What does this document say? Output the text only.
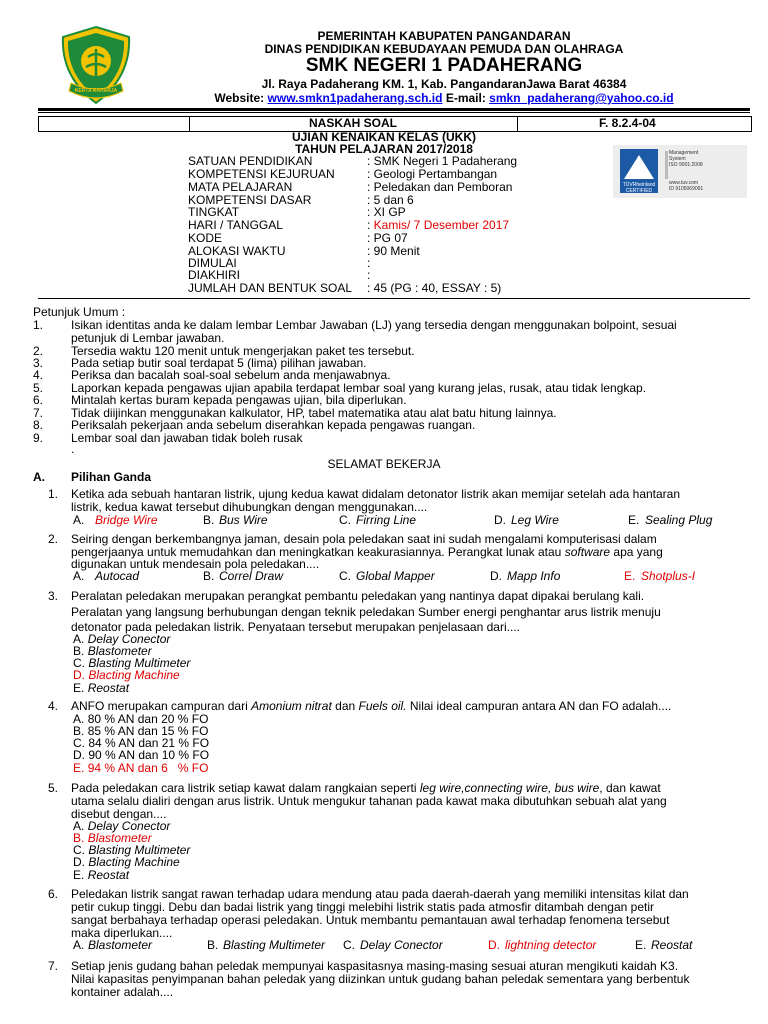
KERTA RAHARJA
PEMERINTAH KABUPATEN PANGANDARAN
DINAS PENDIDIKAN KEBUDAYAAN PEMUDA DAN OLAHRAGA
SMK NEGERI 1 PADAHERANG
Jl. Raya Padaherang KM. 1, Kab. PangandaranJawa Barat 46384
Website: www.smkn1padaherang.sch.id E-mail: smkn_padaherang@yahoo.co.id
NASKAH SOAL	F. 8.2.4-04
UJIAN KENAIKAN KELAS (UKK)
TAHUN PELAJARAN 2017/2018
SATUAN PENDIDIKAN	: SMK Negeri 1 Padaherang
KOMPETENSI KEJURUAN	: Geologi Pertambangan
MATA PELAJARAN	: Peledakan dan Pemboran
KOMPETENSI DASAR	: 5 dan 6
TINGKAT	: XI GP
HARI / TANGGAL	: Kamis/ 7 Desember 2017
KODE	: PG 07
ALOKASI WAKTU	: 90 Menit
DIMULAI	:
DIAKHIRI	:
JUMLAH DAN BENTUK SOAL : 45 (PG : 40, ESSAY : 5)
TÜVRheinland CERTIFIED
Management
System
ISO 9001:2008
www.tuv.com
ID 9105069091
Petunjuk Umum :
1. Isikan identitas anda ke dalam lembar Lembar Jawaban (LJ) yang tersedia dengan menggunakan bolpoint, sesuai
petunjuk di Lembar jawaban.
2. Tersedia waktu 120 menit untuk mengerjakan paket tes tersebut.
3. Pada setiap butir soal terdapat 5 (lima) pilihan jawaban.
4. Periksa dan bacalah soal-soal sebelum anda menjawabnya.
5. Laporkan kepada pengawas ujian apabila terdapat lembar soal yang kurang jelas, rusak, atau tidak lengkap.
6. Mintalah kertas buram kepada pengawas ujian, bila diperlukan.
7. Tidak diijinkan menggunakan kalkulator, HP, tabel matematika atau alat batu hitung lainnya.
8. Periksalah pekerjaan anda sebelum diserahkan kepada pengawas ruangan.
9. Lembar soal dan jawaban tidak boleh rusak
.
SELAMAT BEKERJA
A. Pilihan Ganda
1. Ketika ada sebuah hantaran listrik, ujung kedua kawat didalam detonator listrik akan memijar setelah ada hantaran
listrik, kedua kawat tersebut dihubungkan dengan menggunakan....
A. Bridge Wire	B. Bus Wire	C. Firring Line	D. Leg Wire	E. Sealing Plug
2. Seiring dengan berkembangnya jaman, desain pola peledakan saat ini sudah mengalami komputerisasi dalam
pengerjaanya untuk memudahkan dan meningkatkan keakurasiannya. Perangkat lunak atau software apa yang
digunakan untuk mendesain pola peledakan....
A. Autocad	B. Correl Draw	C. Global Mapper	D. Mapp Info	E. Shotplus-I
3. Peralatan peledakan merupakan perangkat pembantu peledakan yang nantinya dapat dipakai berulang kali.
Peralatan yang langsung berhubungan dengan teknik peledakan Sumber energi penghantar arus listrik menuju
detonator pada peledakan listrik. Penyataan tersebut merupakan penjelasaan dari....
A. Delay Conector
B. Blastometer
C. Blasting Multimeter
D. Blacting Machine
E. Reostat
4. ANFO merupakan campuran dari Amonium nitrat dan Fuels oil. Nilai ideal campuran antara AN dan FO adalah....
A. 80 % AN dan 20 % FO
B. 85 % AN dan 15 % FO
C. 84 % AN dan 21 % FO
D. 90 % AN dan 10 % FO
E. 94 % AN dan 6   % FO
5. Pada peledakan cara listrik setiap kawat dalam rangkaian seperti leg wire,connecting wire, bus wire, dan kawat
utama selalu dialiri dengan arus listrik. Untuk mengukur tahanan pada kawat maka dibutuhkan sebuah alat yang
disebut dengan....
A. Delay Conector
B. Blastometer
C. Blasting Multimeter
D. Blacting Machine
E. Reostat
6. Peledakan listrik sangat rawan terhadap udara mendung atau pada daerah-daerah yang memiliki intensitas kilat dan
petir cukup tinggi. Debu dan badai listrik yang tinggi melebihi listrik statis pada atmosfir ditambah dengan petir
sangat berbahaya terhadap operasi peledakan. Untuk membantu pemantauan awal terhadap fenomena tersebut
maka diperlukan....
A. Blastometer	B. Blasting Multimeter C. Delay Conector	D. lightning detector	E. Reostat
7. Setiap jenis gudang bahan peledak mempunyai kaspasitasnya masing-masing sesuai aturan mengikuti kaidah K3.
Nilai kapasitas penyimpanan bahan peledak yang diizinkan untuk gudang bahan peledak sementara yang berbentuk
kontainer adalah....
